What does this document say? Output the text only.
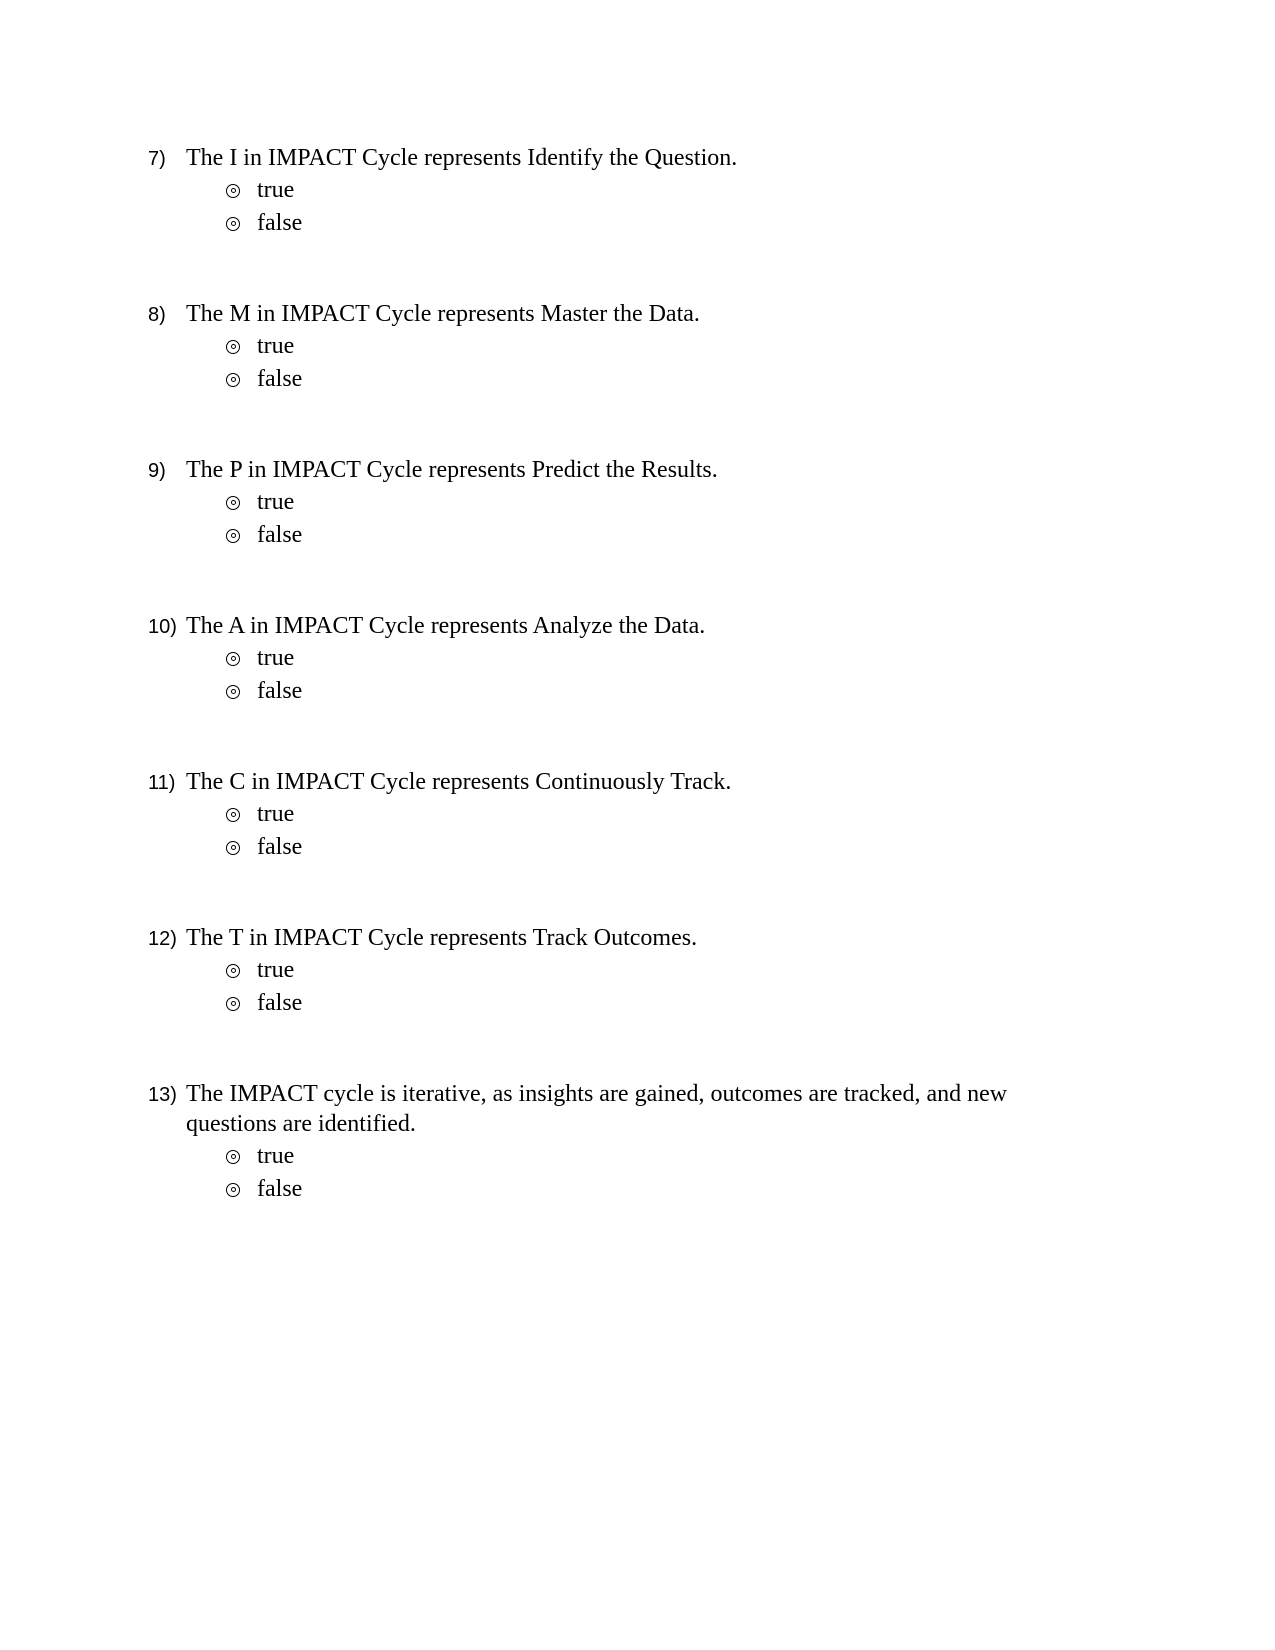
7) The I in IMPACT Cycle represents Identify the Question.
true
false
8) The M in IMPACT Cycle represents Master the Data.
true
false
9) The P in IMPACT Cycle represents Predict the Results.
true
false
10) The A in IMPACT Cycle represents Analyze the Data.
true
false
11) The C in IMPACT Cycle represents Continuously Track.
true
false
12) The T in IMPACT Cycle represents Track Outcomes.
true
false
13) The IMPACT cycle is iterative, as insights are gained, outcomes are tracked, and new questions are identified.
true
false
